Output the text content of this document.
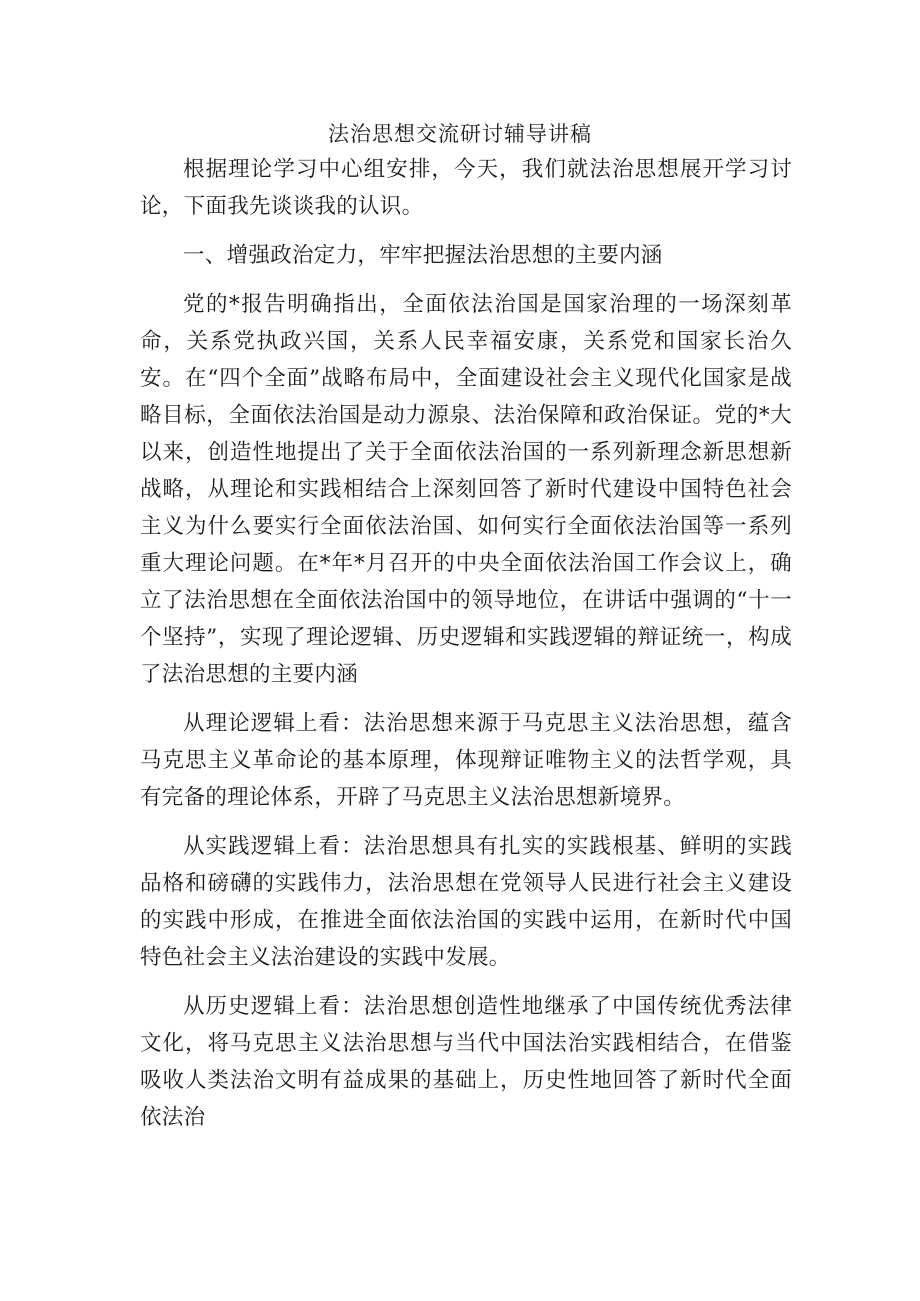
法治思想交流研讨辅导讲稿

根据理论学习中心组安排，今天，我们就法治思想展开学习讨论，下面我先谈谈我的认识。

一、增强政治定力，牢牢把握法治思想的主要内涵

党的*报告明确指出，全面依法治国是国家治理的一场深刻革命，关系党执政兴国，关系人民幸福安康，关系党和国家长治久安。在“四个全面”战略布局中，全面建设社会主义现代化国家是战略目标，全面依法治国是动力源泉、法治保障和政治保证。党的*大以来，创造性地提出了关于全面依法治国的一系列新理念新思想新战略，从理论和实践相结合上深刻回答了新时代建设中国特色社会主义为什么要实行全面依法治国、如何实行全面依法治国等一系列重大理论问题。在*年*月召开的中央全面依法治国工作会议上，确立了法治思想在全面依法治国中的领导地位，在讲话中强调的“十一个坚持”，实现了理论逻辑、历史逻辑和实践逻辑的辩证统一，构成了法治思想的主要内涵

从理论逻辑上看：法治思想来源于马克思主义法治思想，蕴含马克思主义革命论的基本原理，体现辩证唯物主义的法哲学观，具有完备的理论体系，开辟了马克思主义法治思想新境界。

从实践逻辑上看：法治思想具有扎实的实践根基、鲜明的实践品格和磅礴的实践伟力，法治思想在党领导人民进行社会主义建设的实践中形成，在推进全面依法治国的实践中运用，在新时代中国特色社会主义法治建设的实践中发展。

从历史逻辑上看：法治思想创造性地继承了中国传统优秀法律文化，将马克思主义法治思想与当代中国法治实践相结合，在借鉴吸收人类法治文明有益成果的基础上，历史性地回答了新时代全面依法治
